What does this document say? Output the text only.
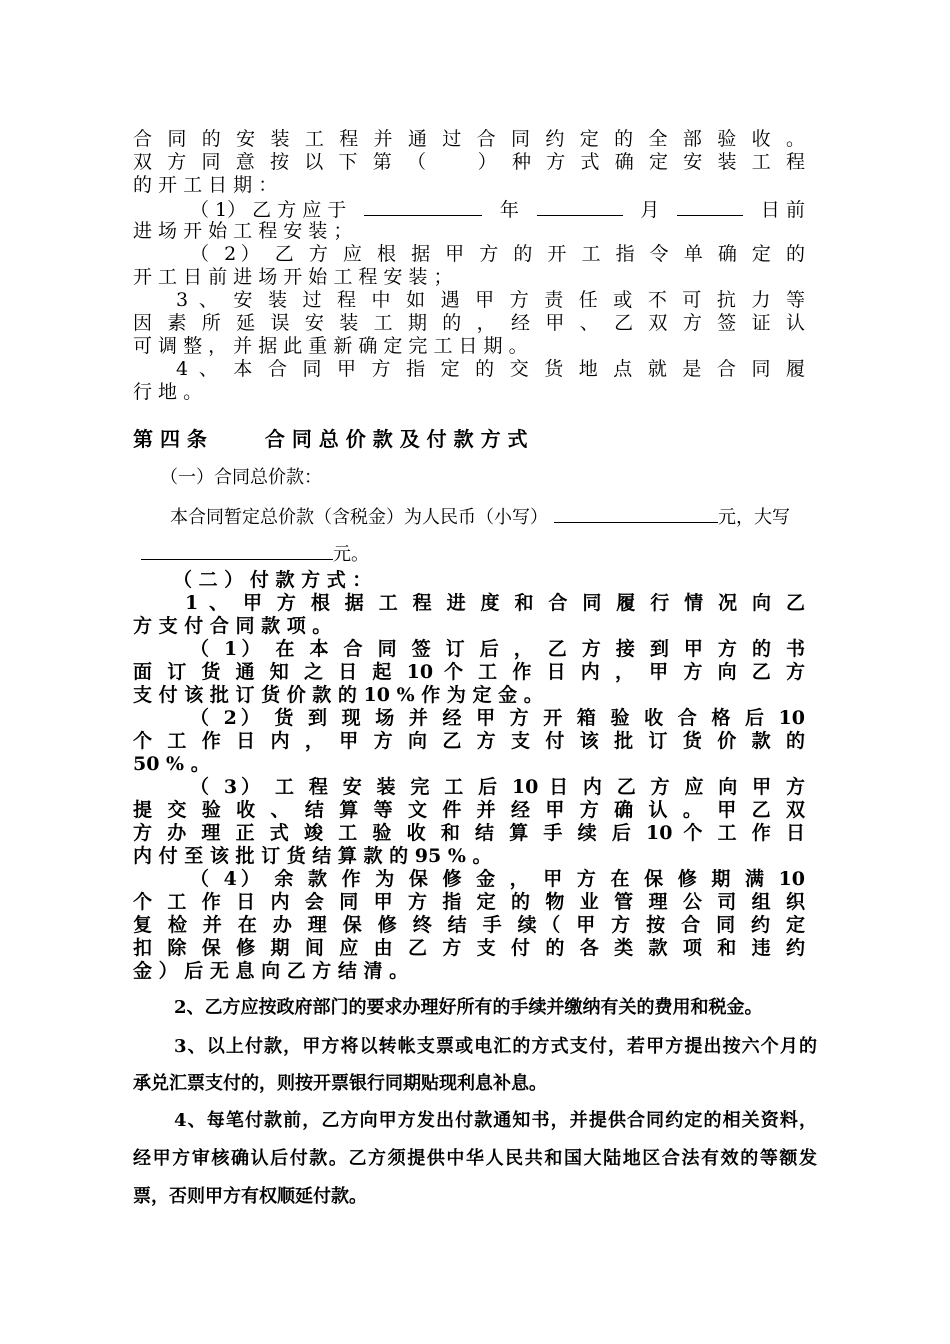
合 同 的 安 装 工 程 并 通 过 合 同 约 定 的 全 部 验 收 。
双 方 同 意 按 以 下 第 （　　） 种 方 式 确 定 安 装 工 程
的 开 工 日 期 ：
（ 1） 乙 方 应 于	年	月	日 前
进 场 开 始 工 程 安 装 ；
（ 2） 乙 方 应 根 据 甲 方 的 开 工 指 令 单 确 定 的
开 工 日 前 进 场 开 始 工 程 安 装 ；
3 、 安 装 过 程 中 如 遇 甲 方 责 任 或 不 可 抗 力 等
因 素 所 延 误 安 装 工 期 的 ， 经 甲 、 乙 双 方 签 证 认
可 调 整 ， 并 据 此 重 新 确 定 完 工 日 期 。
4 、 本 合 同 甲 方 指 定 的 交 货 地 点 就 是 合 同 履
行 地 。
第 四 条	合 同 总 价 款 及 付 款 方 式
（一）合同总价款：
本合同暂定总价款（含税金）为人民币（小写）	元，大写
元。
（ 二 ） 付 款 方 式 ：
1 、 甲 方 根 据 工 程 进 度 和 合 同 履 行 情 况 向 乙
方 支 付 合 同 款 项 。
（ 1） 在 本 合 同 签 订 后 ， 乙 方 接 到 甲 方 的 书
面 订 货 通 知 之 日 起 10 个 工 作 日 内 ， 甲 方 向 乙 方
支 付 该 批 订 货 价 款 的 10 % 作 为 定 金 。
（ 2） 货 到 现 场 并 经 甲 方 开 箱 验 收 合 格 后 10
个 工 作 日 内 ， 甲 方 向 乙 方 支 付 该 批 订 货 价 款 的
50 % 。
（ 3） 工 程 安 装 完 工 后 10 日 内 乙 方 应 向 甲 方
提 交 验 收 、 结 算 等 文 件 并 经 甲 方 确 认 。 甲 乙 双
方 办 理 正 式 竣 工 验 收 和 结 算 手 续 后 10 个 工 作 日
内 付 至 该 批 订 货 结 算 款 的 95 % 。
（ 4） 余 款 作 为 保 修 金 ， 甲 方 在 保 修 期 满 10
个 工 作 日 内 会 同 甲 方 指 定 的 物 业 管 理 公 司 组 织
复 检 并 在 办 理 保 修 终 结 手 续（ 甲 方 按 合 同 约 定
扣 除 保 修 期 间 应 由 乙 方 支 付 的 各 类 款 项 和 违 约
金 ） 后 无 息 向 乙 方 结 清 。
2、乙方应按政府部门的要求办理好所有的手续并缴纳有关的费用和税金。
3、以上付款，甲方将以转帐支票或电汇的方式支付，若甲方提出按六个月的
承兑汇票支付的，则按开票银行同期贴现利息补息。
4、每笔付款前，乙方向甲方发出付款通知书，并提供合同约定的相关资料，
经甲方审核确认后付款。乙方须提供中华人民共和国大陆地区合法有效的等额发
票，否则甲方有权顺延付款。
